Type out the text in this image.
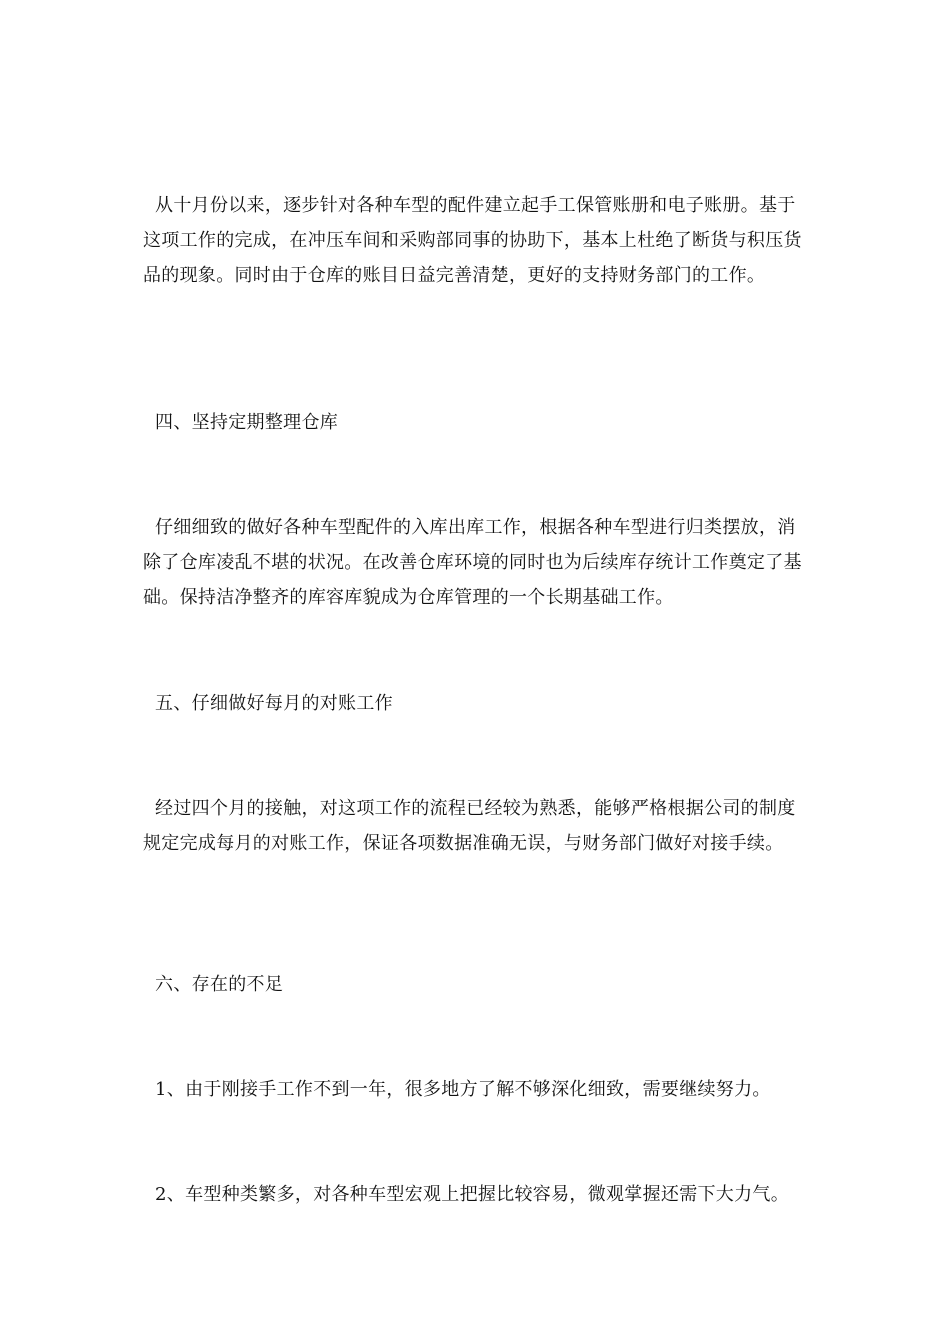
从十月份以来，逐步针对各种车型的配件建立起手工保管账册和电子账册。基于这项工作的完成，在冲压车间和采购部同事的协助下，基本上杜绝了断货与积压货品的现象。同时由于仓库的账目日益完善清楚，更好的支持财务部门的工作。
四、坚持定期整理仓库
仔细细致的做好各种车型配件的入库出库工作，根据各种车型进行归类摆放，消除了仓库凌乱不堪的状况。在改善仓库环境的同时也为后续库存统计工作奠定了基础。保持洁净整齐的库容库貌成为仓库管理的一个长期基础工作。
五、仔细做好每月的对账工作
经过四个月的接触，对这项工作的流程已经较为熟悉，能够严格根据公司的制度规定完成每月的对账工作，保证各项数据准确无误，与财务部门做好对接手续。
六、存在的不足
1、由于刚接手工作不到一年，很多地方了解不够深化细致，需要继续努力。
2、车型种类繁多，对各种车型宏观上把握比较容易，微观掌握还需下大力气。
